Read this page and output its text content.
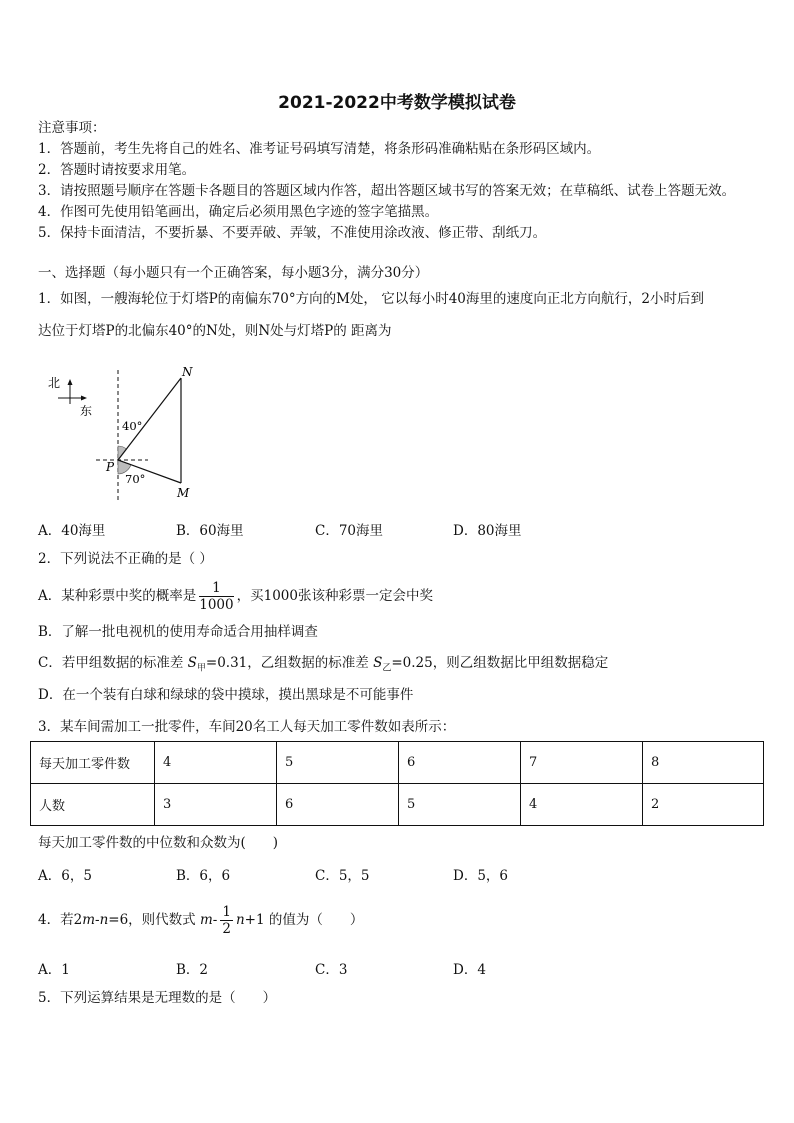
2021-2022中考数学模拟试卷
注意事项：
1．答题前，考生先将自己的姓名、准考证号码填写清楚，将条形码准确粘贴在条形码区域内。
2．答题时请按要求用笔。
3．请按照题号顺序在答题卡各题目的答题区域内作答，超出答题区域书写的答案无效；在草稿纸、试卷上答题无效。
4．作图可先使用铅笔画出，确定后必须用黑色字迹的签字笔描黑。
5．保持卡面清洁，不要折暴、不要弄破、弄皱，不准使用涂改液、修正带、刮纸刀。
一、选择题（每小题只有一个正确答案，每小题3分，满分30分）
1．如图，一艘海轮位于灯塔P的南偏东70°方向的M处， 它以每小时40海里的速度向正北方向航行，2小时后到
达位于灯塔P的北偏东40°的N处，则N处与灯塔P的 距离为
北
东
N
P
M
40°
70°
A．40海里	B．60海里	C．70海里	D．80海里
2．下列说法不正确的是（ ）
A．某种彩票中奖的概率是 $\frac{1}{1000}$ ，买1000张该种彩票一定会中奖
B．了解一批电视机的使用寿命适合用抽样调查
C．若甲组数据的标准差 $S_甲=0.31$，乙组数据的标准差 $S_乙=0.25$，则乙组数据比甲组数据稳定
D．在一个装有白球和绿球的袋中摸球，摸出黑球是不可能事件
3．某车间需加工一批零件，车间20名工人每天加工零件数如表所示：
每天加工零件数	4	5	6	7	8
人数	3	6	5	4	2
每天加工零件数的中位数和众数为(　　)
A．6，5	B．6，6	C．5，5	D．5，6
4．若2m-n=6，则代数式 $m- \frac{1}{2} n+1$ 的值为（　　）
A．1	B．2	C．3	D．4
5．下列运算结果是无理数的是（　　）
